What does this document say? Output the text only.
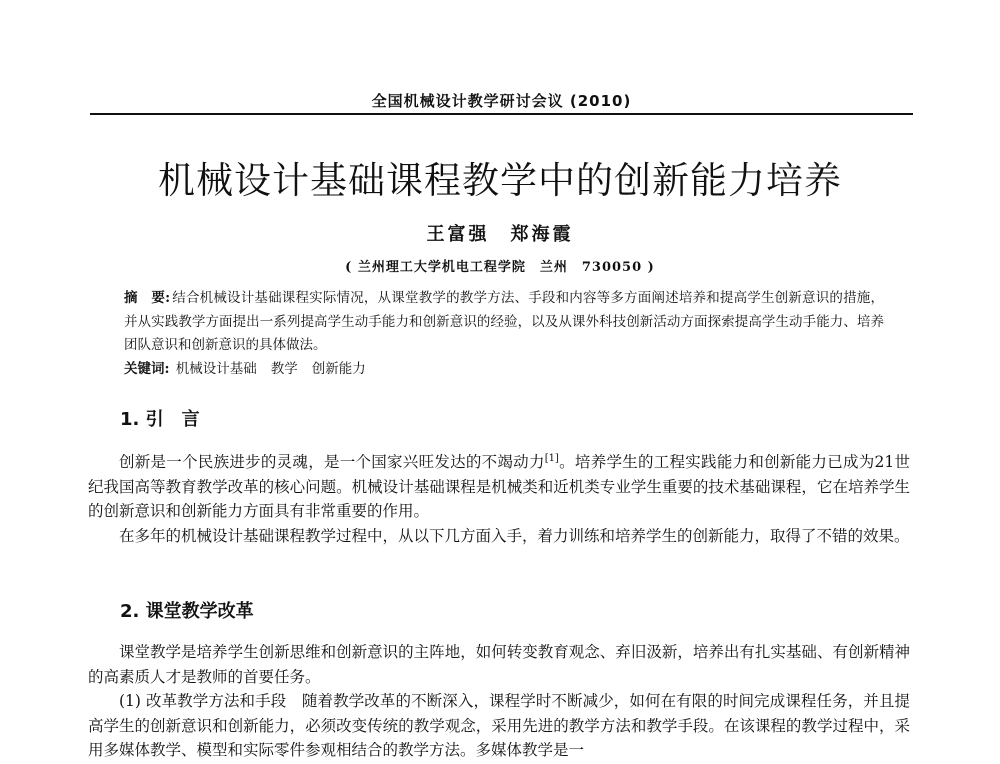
全国机械设计教学研讨会议 (2010)
机械设计基础课程教学中的创新能力培养
王富强　郑海霞
( 兰州理工大学机电工程学院　兰州　730050 )

摘　要: 结合机械设计基础课程实际情况，从课堂教学的教学方法、手段和内容等多方面阐述培养和提高学生创新意识的措施，并从实践教学方面提出一系列提高学生动手能力和创新意识的经验，以及从课外科技创新活动方面探索提高学生动手能力、培养团队意识和创新意识的具体做法。

关键词: 机械设计基础 教学 创新能力

1. 引　言

创新是一个民族进步的灵魂，是一个国家兴旺发达的不竭动力[1]。培养学生的工程实践能力和创新能力已成为21世纪我国高等教育教学改革的核心问题。机械设计基础课程是机械类和近机类专业学生重要的技术基础课程，它在培养学生的创新意识和创新能力方面具有非常重要的作用。

在多年的机械设计基础课程教学过程中，从以下几方面入手，着力训练和培养学生的创新能力，取得了不错的效果。

2. 课堂教学改革

课堂教学是培养学生创新思维和创新意识的主阵地，如何转变教育观念、弃旧汲新，培养出有扎实基础、有创新精神的高素质人才是教师的首要任务。

(1) 改革教学方法和手段　随着教学改革的不断深入，课程学时不断减少，如何在有限的时间完成课程任务，并且提高学生的创新意识和创新能力，必须改变传统的教学观念，采用先进的教学方法和教学手段。在该课程的教学过程中，采用多媒体教学、模型和实际零件参观相结合的教学方法。多媒体教学是一
